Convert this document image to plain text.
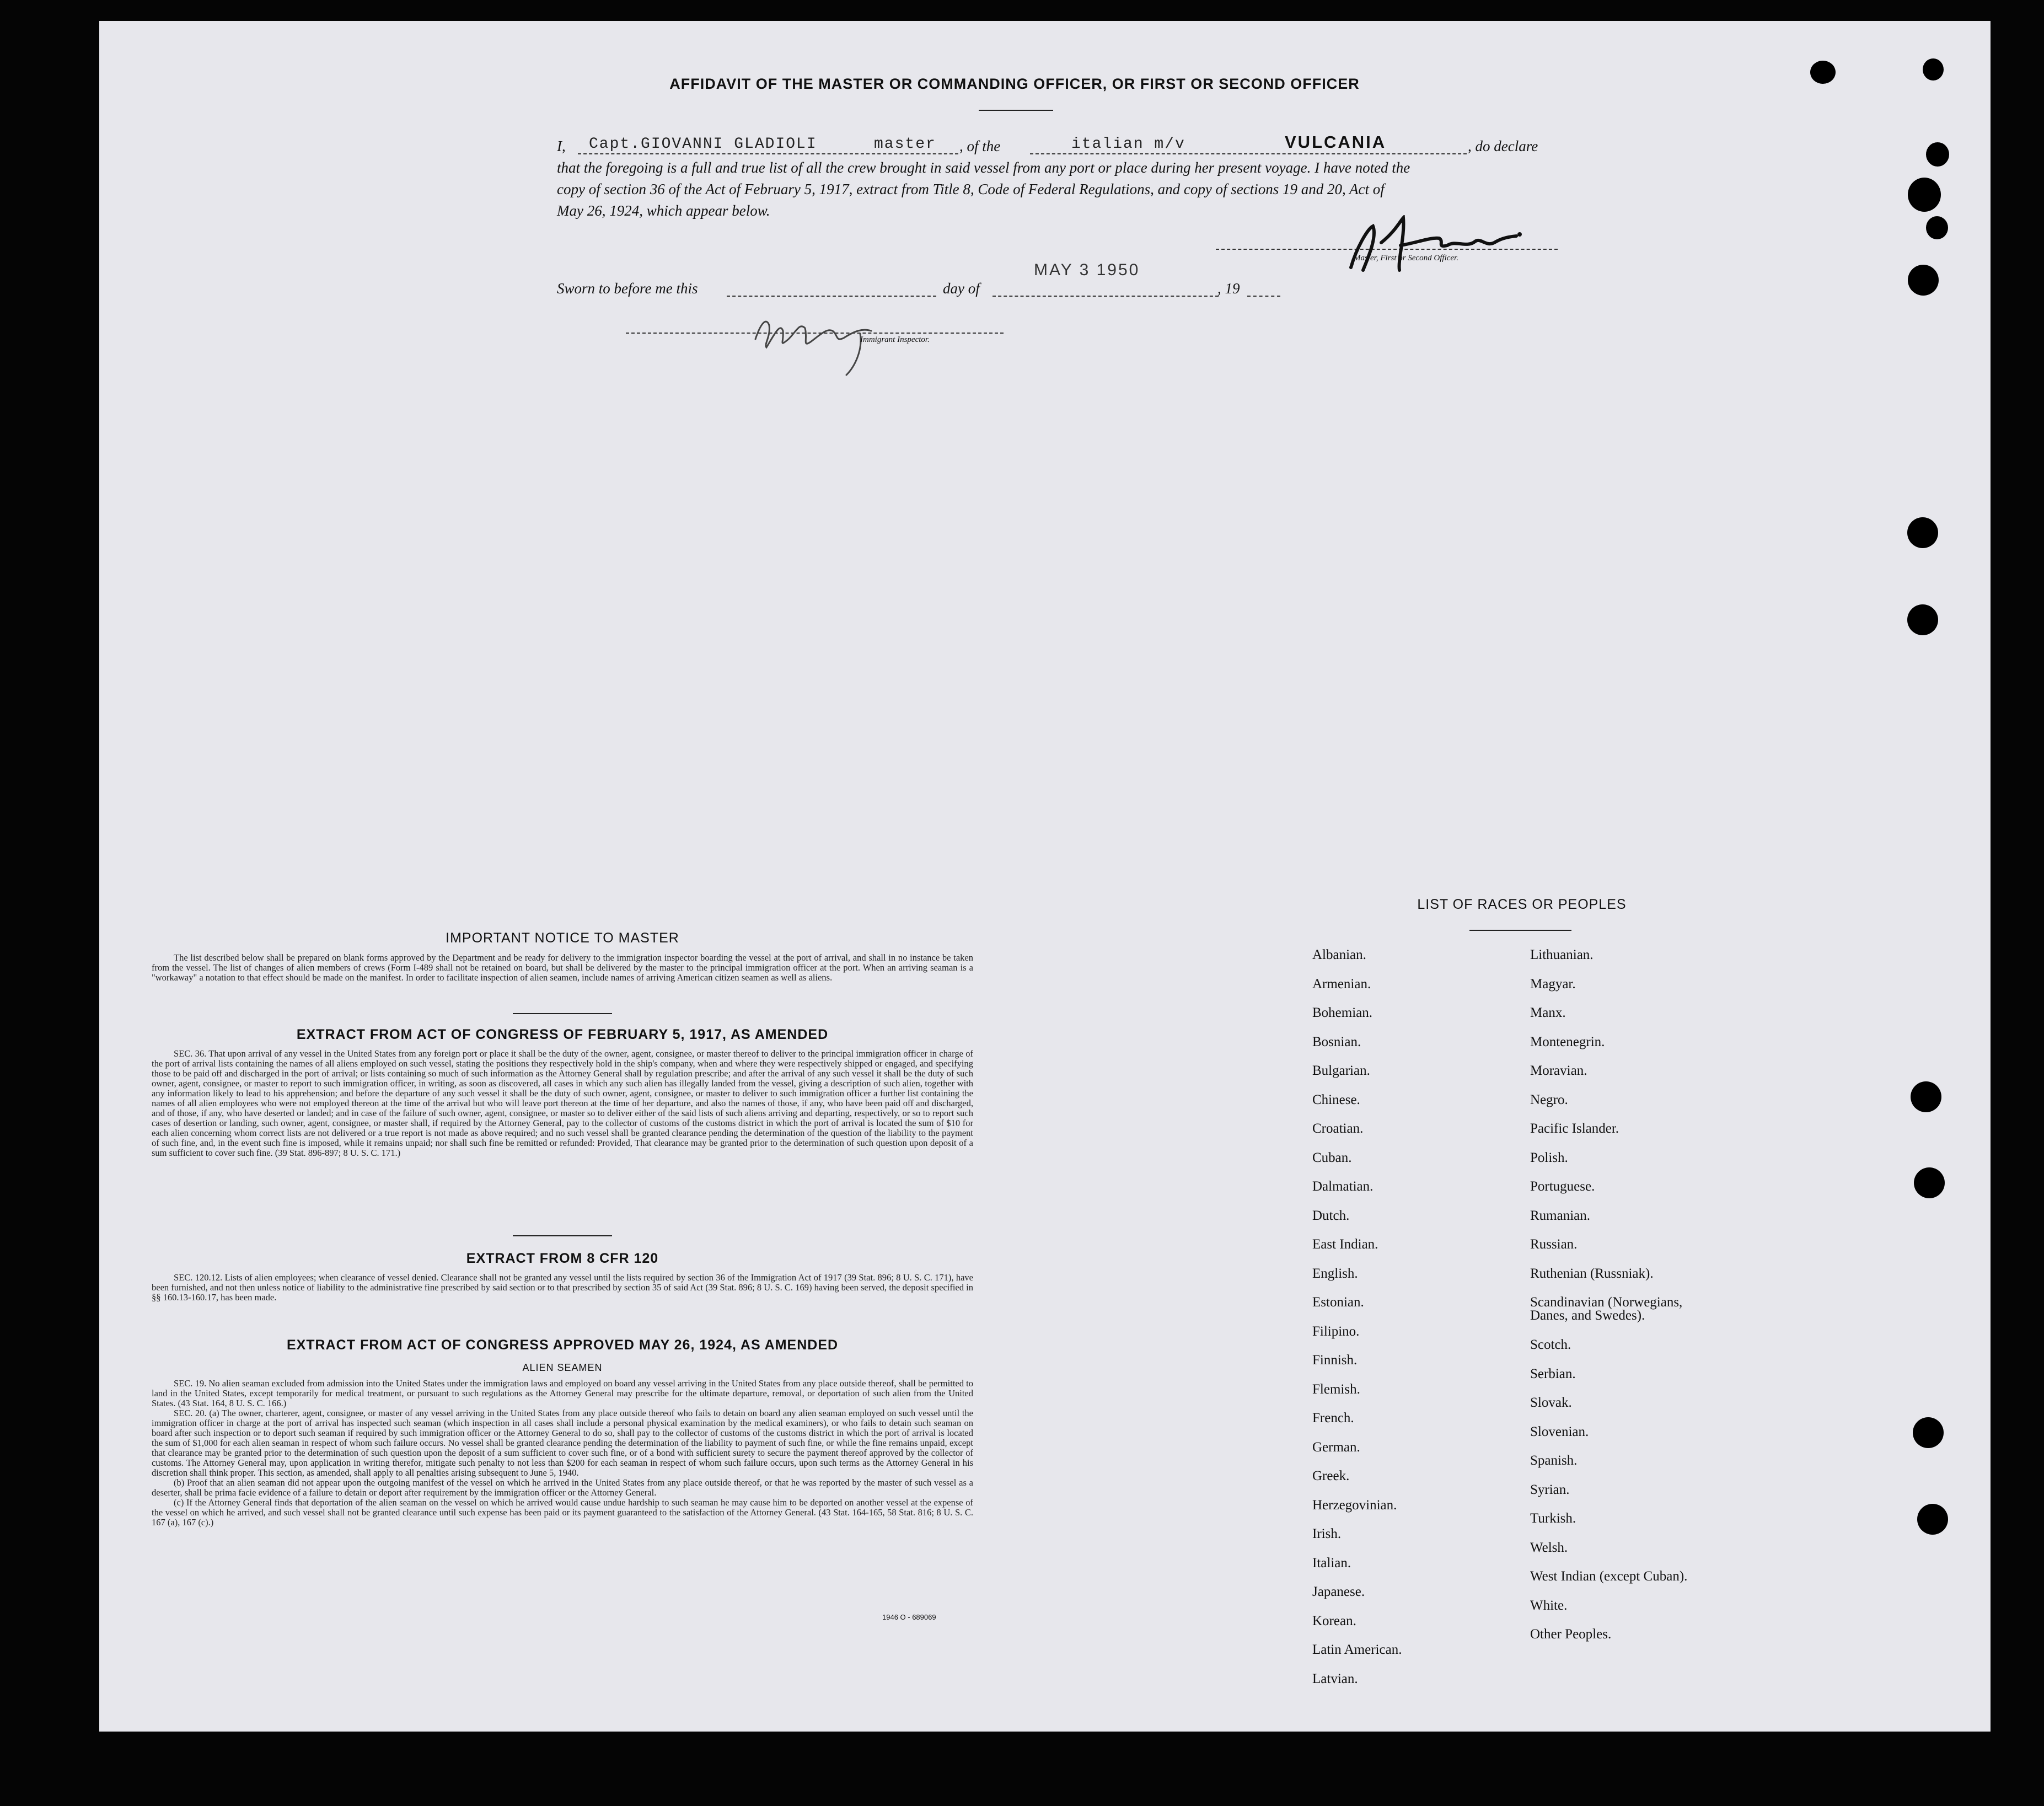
AFFIDAVIT OF THE MASTER OR COMMANDING OFFICER, OR FIRST OR SECOND OFFICER
I, Capt.GIOVANNI GLADIOLI	master , of the	italian m/v	VULCANIA	, do declare
that the foregoing is a full and true list of all the crew brought in said vessel from any port or place during her present voyage. I have noted the
copy of section 36 of the Act of February 5, 1917, extract from Title 8, Code of Federal Regulations, and copy of sections 19 and 20, Act of
May 26, 1924, which appear below.
Master, First or Second Officer.
Sworn to before me this	day of
MAY 3 1950
, 19
Immigrant Inspector.
IMPORTANT NOTICE TO MASTER
The list described below shall be prepared on blank forms approved by the Department and be ready for delivery to the immigration inspector boarding the vessel at the port of arrival, and shall in no instance be taken from the vessel. The list of changes of alien members of crews (Form I-489 shall not be retained on board, but shall be delivered by the master to the principal immigration officer at the port. When an arriving seaman is a "workaway" a notation to that effect should be made on the manifest. In order to facilitate inspection of alien seamen, include names of arriving American citizen seamen as well as aliens.
EXTRACT FROM ACT OF CONGRESS OF FEBRUARY 5, 1917, AS AMENDED
SEC. 36. That upon arrival of any vessel in the United States from any foreign port or place it shall be the duty of the owner, agent, consignee, or master thereof to deliver to the principal immigration officer in charge of the port of arrival lists containing the names of all aliens employed on such vessel, stating the positions they respectively hold in the ship's company, when and where they were respectively shipped or engaged, and specifying those to be paid off and discharged in the port of arrival; or lists containing so much of such information as the Attorney General shall by regulation prescribe; and after the arrival of any such vessel it shall be the duty of such owner, agent, consignee, or master to report to such immigration officer, in writing, as soon as discovered, all cases in which any such alien has illegally landed from the vessel, giving a description of such alien, together with any information likely to lead to his apprehension; and before the departure of any such vessel it shall be the duty of such owner, agent, consignee, or master to deliver to such immigration officer a further list containing the names of all alien employees who were not employed thereon at the time of the arrival but who will leave port thereon at the time of her departure, and also the names of those, if any, who have been paid off and discharged, and of those, if any, who have deserted or landed; and in case of the failure of such owner, agent, consignee, or master so to deliver either of the said lists of such aliens arriving and departing, respectively, or so to report such cases of desertion or landing, such owner, agent, consignee, or master shall, if required by the Attorney General, pay to the collector of customs of the customs district in which the port of arrival is located the sum of $10 for each alien concerning whom correct lists are not delivered or a true report is not made as above required; and no such vessel shall be granted clearance pending the determination of the question of the liability to the payment of such fine, and, in the event such fine is imposed, while it remains unpaid; nor shall such fine be remitted or refunded: Provided, That clearance may be granted prior to the determination of such question upon deposit of a sum sufficient to cover such fine. (39 Stat. 896-897; 8 U. S. C. 171.)
EXTRACT FROM 8 CFR 120
SEC. 120.12. Lists of alien employees; when clearance of vessel denied. Clearance shall not be granted any vessel until the lists required by section 36 of the Immigration Act of 1917 (39 Stat. 896; 8 U. S. C. 171), have been furnished, and not then unless notice of liability to the administrative fine prescribed by said section or to that prescribed by section 35 of said Act (39 Stat. 896; 8 U. S. C. 169) having been served, the deposit specified in §§ 160.13-160.17, has been made.
EXTRACT FROM ACT OF CONGRESS APPROVED MAY 26, 1924, AS AMENDED
ALIEN SEAMEN
SEC. 19. No alien seaman excluded from admission into the United States under the immigration laws and employed on board any vessel arriving in the United States from any place outside thereof, shall be permitted to land in the United States, except temporarily for medical treatment, or pursuant to such regulations as the Attorney General may prescribe for the ultimate departure, removal, or deportation of such alien from the United States. (43 Stat. 164, 8 U. S. C. 166.)
SEC. 20. (a) The owner, charterer, agent, consignee, or master of any vessel arriving in the United States from any place outside thereof who fails to detain on board any alien seaman employed on such vessel until the immigration officer in charge at the port of arrival has inspected such seaman (which inspection in all cases shall include a personal physical examination by the medical examiners), or who fails to detain such seaman on board after such inspection or to deport such seaman if required by such immigration officer or the Attorney General to do so, shall pay to the collector of customs of the customs district in which the port of arrival is located the sum of $1,000 for each alien seaman in respect of whom such failure occurs. No vessel shall be granted clearance pending the determination of the liability to payment of such fine, or while the fine remains unpaid, except that clearance may be granted prior to the determination of such question upon the deposit of a sum sufficient to cover such fine, or of a bond with sufficient surety to secure the payment thereof approved by the collector of customs. The Attorney General may, upon application in writing therefor, mitigate such penalty to not less than $200 for each seaman in respect of whom such failure occurs, upon such terms as the Attorney General in his discretion shall think proper. This section, as amended, shall apply to all penalties arising subsequent to June 5, 1940.
(b) Proof that an alien seaman did not appear upon the outgoing manifest of the vessel on which he arrived in the United States from any place outside thereof, or that he was reported by the master of such vessel as a deserter, shall be prima facie evidence of a failure to detain or deport after requirement by the immigration officer or the Attorney General.
(c) If the Attorney General finds that deportation of the alien seaman on the vessel on which he arrived would cause undue hardship to such seaman he may cause him to be deported on another vessel at the expense of the vessel on which he arrived, and such vessel shall not be granted clearance until such expense has been paid or its payment guaranteed to the satisfaction of the Attorney General. (43 Stat. 164-165, 58 Stat. 816; 8 U. S. C. 167 (a), 167 (c).)
1946 O - 689069
LIST OF RACES OR PEOPLES
Albanian.
Armenian.
Bohemian.
Bosnian.
Bulgarian.
Chinese.
Croatian.
Cuban.
Dalmatian.
Dutch.
East Indian.
English.
Estonian.
Filipino.
Finnish.
Flemish.
French.
German.
Greek.
Herzegovinian.
Irish.
Italian.
Japanese.
Korean.
Latin American.
Latvian.
Lithuanian.
Magyar.
Manx.
Montenegrin.
Moravian.
Negro.
Pacific Islander.
Polish.
Portuguese.
Rumanian.
Russian.
Ruthenian (Russniak).
Scandinavian (Norwegians,         Danes, and Swedes).
Scotch.
Serbian.
Slovak.
Slovenian.
Spanish.
Syrian.
Turkish.
Welsh.
West Indian (except Cuban).
White.
Other Peoples.
